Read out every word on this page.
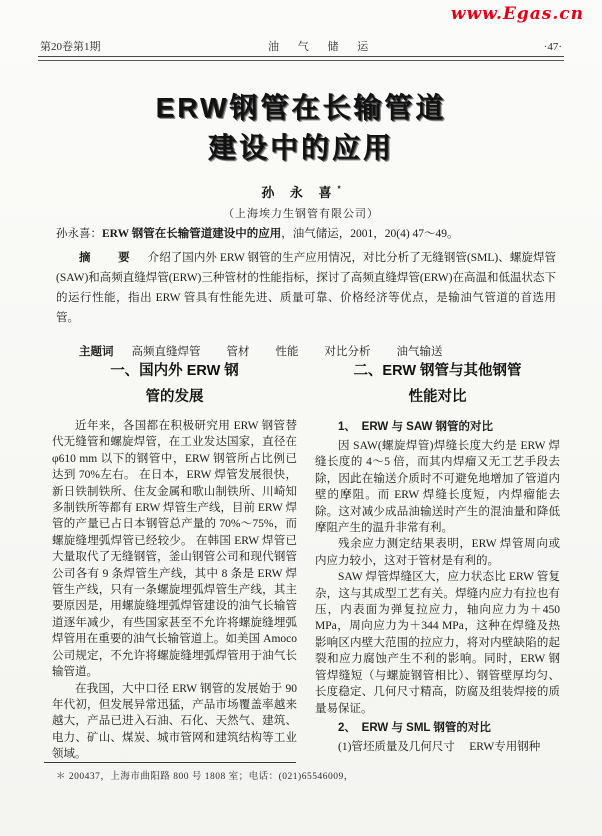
www.Egas.cn
第20卷第1期	油 气 储 运	·47·
ERW钢管在长输管道
建设中的应用
孙 永 喜*
（上海埃力生钢管有限公司）

孙永喜：ERW 钢管在长输管道建设中的应用，油气储运，2001，20(4) 47～49。

摘　要 介绍了国内外 ERW 钢管的生产应用情况，对比分析了无缝钢管(SML)、螺旋焊管(SAW)和高频直缝焊管(ERW)三种管材的性能指标，探讨了高频直缝焊管(ERW)在高温和低温状态下的运行性能，指出 ERW 管具有性能先进、质量可靠、价格经济等优点，是输油气管道的首选用管。

主题词 高频直缝焊管 管材 性能 对比分析 油气输送

一、国内外 ERW 钢
管的发展

近年来，各国都在积极研究用 ERW 钢管替代无缝管和螺旋焊管，在工业发达国家，直径在φ610 mm 以下的钢管中，ERW 钢管所占比例已达到 70%左右。 在日本，ERW 焊管发展很快，新日铁制铁所、住友金属和歌山制铁所、川崎知多制铁所等都有 ERW 焊管生产线，目前 ERW 焊管的产量已占日本钢管总产量的 70%～75%，而螺旋缝埋弧焊管已经较少。 在韩国 ERW 焊管已大量取代了无缝钢管，釜山钢管公司和现代钢管公司各有 9 条焊管生产线，其中 8 条是 ERW 焊管生产线，只有一条螺旋埋弧焊管生产线，其主要原因是，用螺旋缝埋弧焊管建设的油气长输管道逐年减少，有些国家甚至不允许将螺旋缝埋弧焊管用在重要的油气长输管道上。如美国 Amoco 公司规定，不允许将螺旋缝埋弧焊管用于油气长输管道。

在我国，大中口径 ERW 钢管的发展始于 90 年代初，但发展异常迅猛，产品市场覆盖率越来越大，产品已进入石油、石化、天然气、建筑、电力、矿山、煤炭、城市管网和建筑结构等工业领域。

二、ERW 钢管与其他钢管
性能对比

1、　ERW 与 SAW 钢管的对比

因 SAW(螺旋焊管)焊缝长度大约是 ERW 焊缝长度的 4～5 倍，而其内焊瘤又无工艺手段去除，因此在输送介质时不可避免地增加了管道内壁的摩阻。而 ERW 焊缝长度短，内焊瘤能去除。这对减少成品油输送时产生的混油量和降低摩阻产生的温升非常有利。

残余应力测定结果表明，ERW 焊管周向或内应力较小，这对于管材是有利的。

SAW 焊管焊缝区大，应力状态比 ERW 管复杂，这与其成型工艺有关。焊缝内应力有拉也有压，内表面为弹复拉应力，轴向应力为＋450 MPa，周向应力为＋344 MPa，这种在焊缝及热影响区内壁大范围的拉应力，将对内壁缺陷的起裂和应力腐蚀产生不利的影响。同时，ERW 钢管焊缝短（与螺旋钢管相比）、钢管壁厚均匀、长度稳定、几何尺寸精高，防腐及组装焊接的质量易保证。

2、　ERW 与 SML 钢管的对比

(1)管坯质量及几何尺寸　 ERW专用钢种

＊ 200437，上海市曲阳路 800 号 1808 室；电话：(021)65546009，
